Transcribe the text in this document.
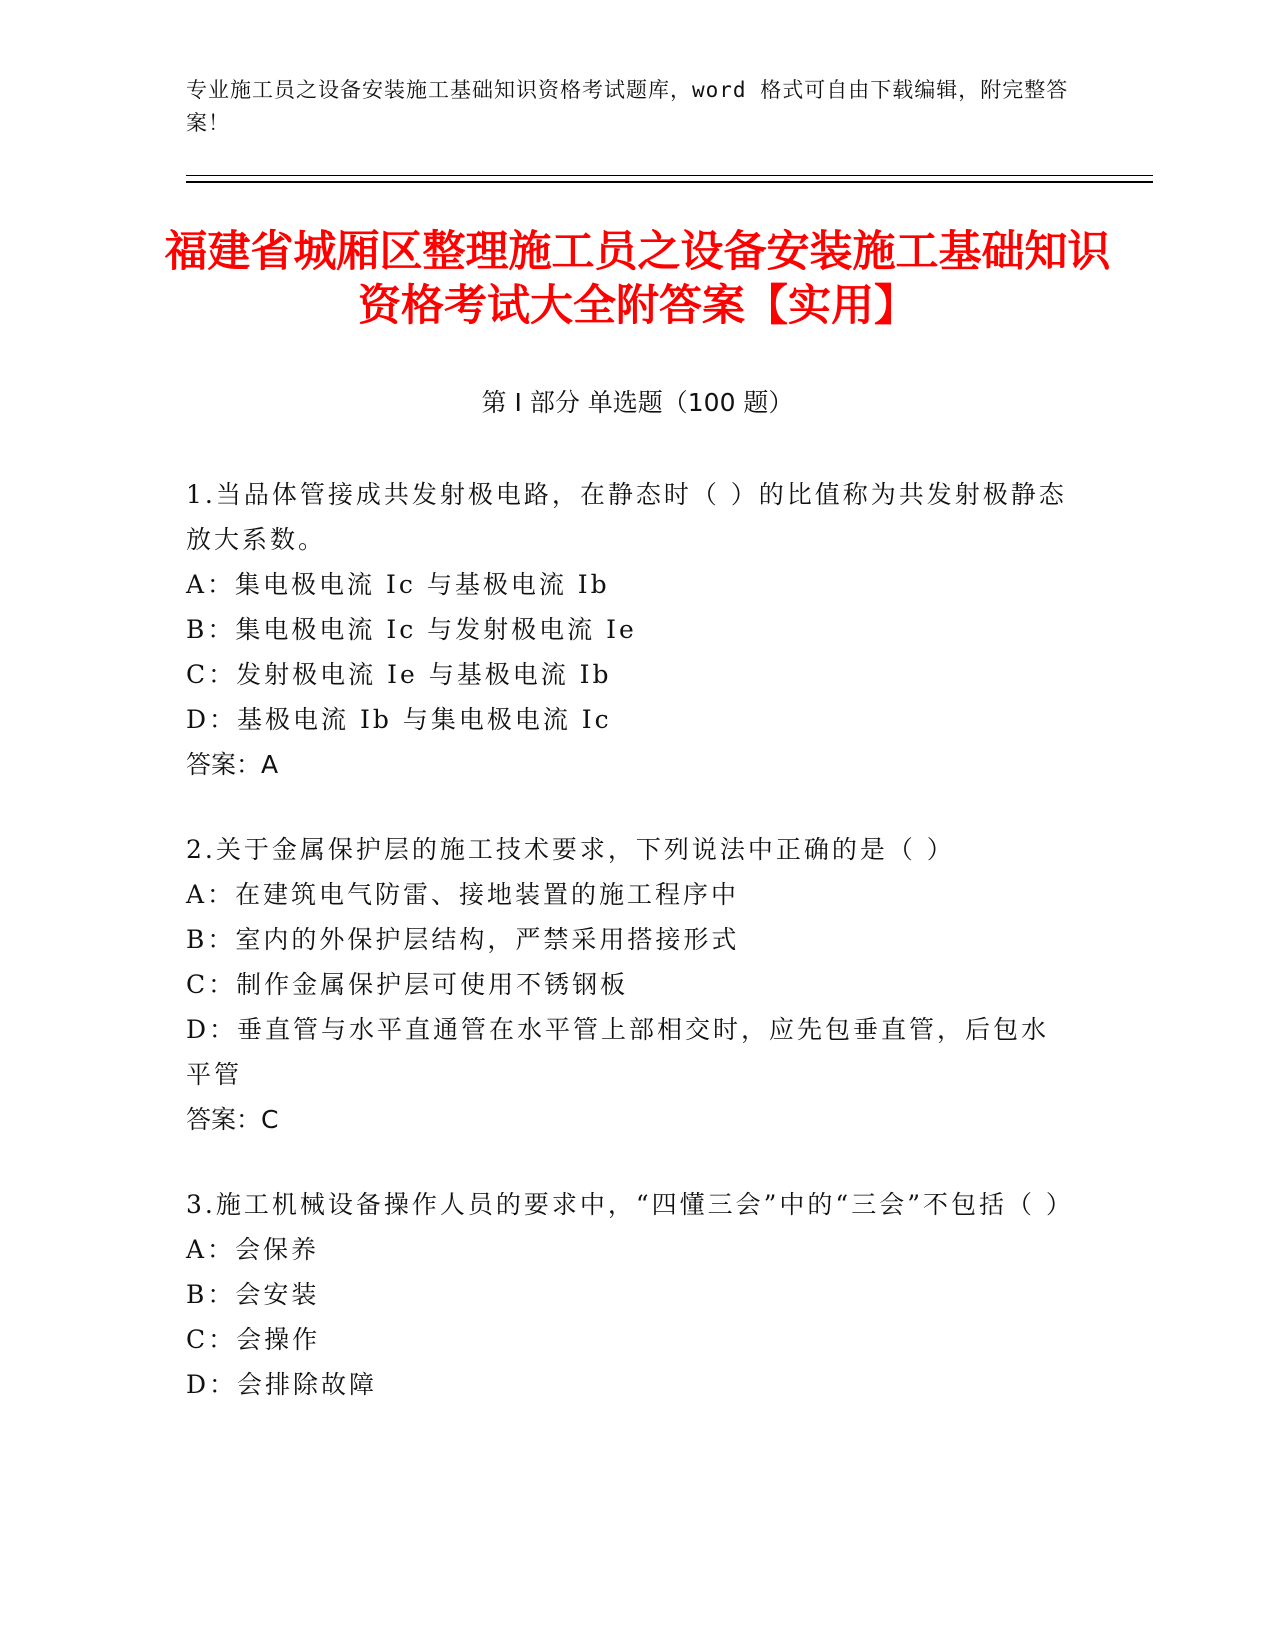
专业施工员之设备安装施工基础知识资格考试题库，word 格式可自由下载编辑，附完整答案！
福建省城厢区整理施工员之设备安装施工基础知识资格考试大全附答案【实用】
第 I 部分 单选题（100 题）
1.当品体管接成共发射极电路，在静态时（ ）的比值称为共发射极静态放大系数。
A：集电极电流 Ic 与基极电流 Ib
B：集电极电流 Ic 与发射极电流 Ie
C：发射极电流 Ie 与基极电流 Ib
D：基极电流 Ib 与集电极电流 Ic
答案：A
2.关于金属保护层的施工技术要求，下列说法中正确的是（ ）
A：在建筑电气防雷、接地装置的施工程序中
B：室内的外保护层结构，严禁采用搭接形式
C：制作金属保护层可使用不锈钢板
D：垂直管与水平直通管在水平管上部相交时，应先包垂直管，后包水平管
答案：C
3.施工机械设备操作人员的要求中，“四懂三会”中的“三会”不包括（ ）
A：会保养
B：会安装
C：会操作
D：会排除故障
